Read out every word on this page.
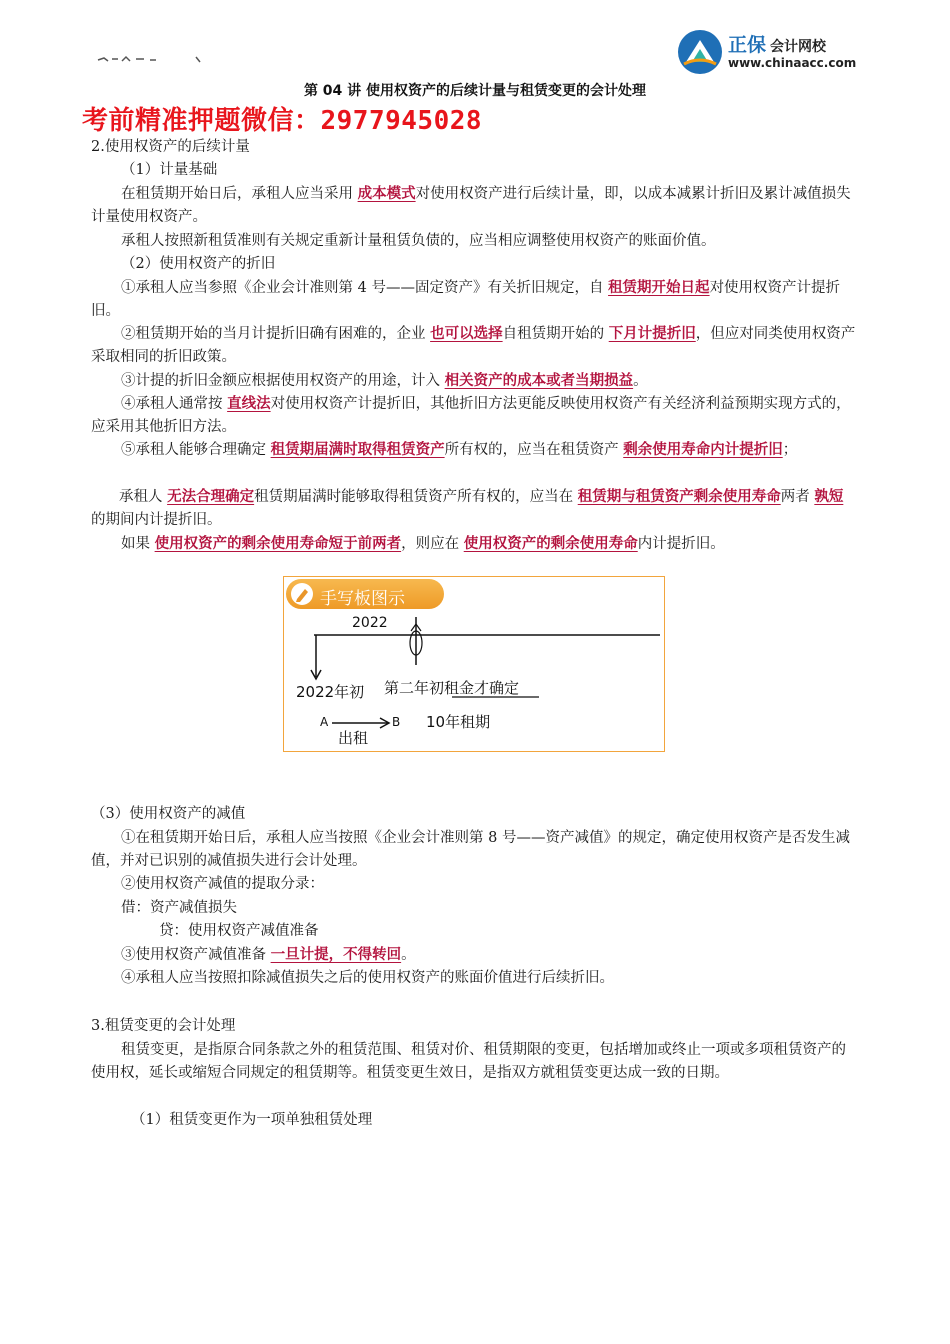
正保 会计网校
www.chinaacc.com
第 04 讲 使用权资产的后续计量与租赁变更的会计处理
考前精准押题微信：2977945028

2.使用权资产的后续计量

（1）计量基础

在租赁期开始日后，承租人应当采用 成本模式对使用权资产进行后续计量，即，以成本减累计折旧及累计减值损失计量使用权资产。

承租人按照新租赁准则有关规定重新计量租赁负债的，应当相应调整使用权资产的账面价值。

（2）使用权资产的折旧

①承租人应当参照《企业会计准则第 4 号——固定资产》有关折旧规定，自 租赁期开始日起对使用权资产计提折旧。

②租赁期开始的当月计提折旧确有困难的，企业 也可以选择自租赁期开始的 下月计提折旧，但应对同类使用权资产采取相同的折旧政策。

③计提的折旧金额应根据使用权资产的用途，计入 相关资产的成本或者当期损益。

④承租人通常按 直线法对使用权资产计提折旧，其他折旧方法更能反映使用权资产有关经济利益预期实现方式的，应采用其他折旧方法。

⑤承租人能够合理确定 租赁期届满时取得租赁资产所有权的，应当在租赁资产 剩余使用寿命内计提折旧；

承租人 无法合理确定租赁期届满时能够取得租赁资产所有权的，应当在 租赁期与租赁资产剩余使用寿命两者 孰短的期间内计提折旧。

如果 使用权资产的剩余使用寿命短于前两者，则应在 使用权资产的剩余使用寿命内计提折旧。

手写板图示
2022
2022年初 第二年初租金才确定
A	B
出租
10年租期

（3）使用权资产的减值

①在租赁期开始日后，承租人应当按照《企业会计准则第 8 号——资产减值》的规定，确定使用权资产是否发生减值，并对已识别的减值损失进行会计处理。

②使用权资产减值的提取分录：

借：资产减值损失

贷：使用权资产减值准备

③使用权资产减值准备 一旦计提，不得转回。

④承租人应当按照扣除减值损失之后的使用权资产的账面价值进行后续折旧。

3.租赁变更的会计处理

租赁变更，是指原合同条款之外的租赁范围、租赁对价、租赁期限的变更，包括增加或终止一项或多项租赁资产的使用权，延长或缩短合同规定的租赁期等。租赁变更生效日，是指双方就租赁变更达成一致的日期。

（1）租赁变更作为一项单独租赁处理
